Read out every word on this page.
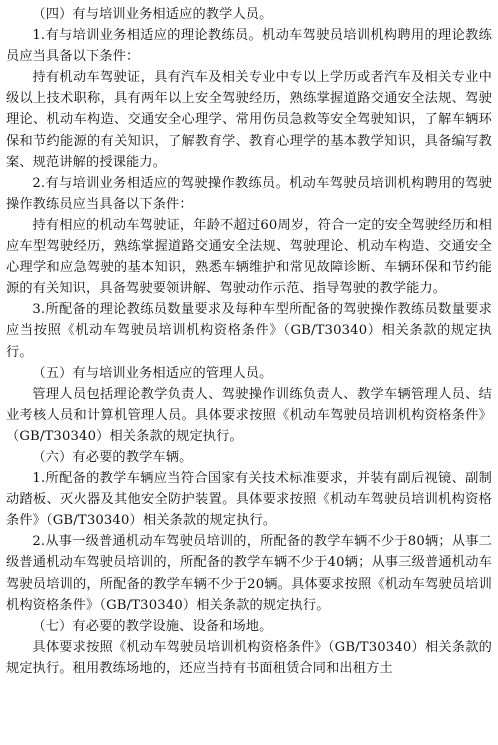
（四）有与培训业务相适应的教学人员。

1.有与培训业务相适应的理论教练员。机动车驾驶员培训机构聘用的理论教练员应当具备以下条件：

持有机动车驾驶证，具有汽车及相关专业中专以上学历或者汽车及相关专业中级以上技术职称，具有两年以上安全驾驶经历，熟练掌握道路交通安全法规、驾驶理论、机动车构造、交通安全心理学、常用伤员急救等安全驾驶知识，了解车辆环保和节约能源的有关知识，了解教育学、教育心理学的基本教学知识，具备编写教案、规范讲解的授课能力。

2.有与培训业务相适应的驾驶操作教练员。机动车驾驶员培训机构聘用的驾驶操作教练员应当具备以下条件：

持有相应的机动车驾驶证，年龄不超过60周岁，符合一定的安全驾驶经历和相应车型驾驶经历，熟练掌握道路交通安全法规、驾驶理论、机动车构造、交通安全心理学和应急驾驶的基本知识，熟悉车辆维护和常见故障诊断、车辆环保和节约能源的有关知识，具备驾驶要领讲解、驾驶动作示范、指导驾驶的教学能力。

3.所配备的理论教练员数量要求及每种车型所配备的驾驶操作教练员数量要求应当按照《机动车驾驶员培训机构资格条件》（GB/T30340）相关条款的规定执行。

（五）有与培训业务相适应的管理人员。

管理人员包括理论教学负责人、驾驶操作训练负责人、教学车辆管理人员、结业考核人员和计算机管理人员。具体要求按照《机动车驾驶员培训机构资格条件》（GB/T30340）相关条款的规定执行。

（六）有必要的教学车辆。

1.所配备的教学车辆应当符合国家有关技术标准要求，并装有副后视镜、副制动踏板、灭火器及其他安全防护装置。具体要求按照《机动车驾驶员培训机构资格条件》（GB/T30340）相关条款的规定执行。

2.从事一级普通机动车驾驶员培训的，所配备的教学车辆不少于80辆；从事二级普通机动车驾驶员培训的，所配备的教学车辆不少于40辆；从事三级普通机动车驾驶员培训的，所配备的教学车辆不少于20辆。具体要求按照《机动车驾驶员培训机构资格条件》（GB/T30340）相关条款的规定执行。

（七）有必要的教学设施、设备和场地。

具体要求按照《机动车驾驶员培训机构资格条件》（GB/T30340）相关条款的规定执行。租用教练场地的，还应当持有书面租赁合同和出租方土
